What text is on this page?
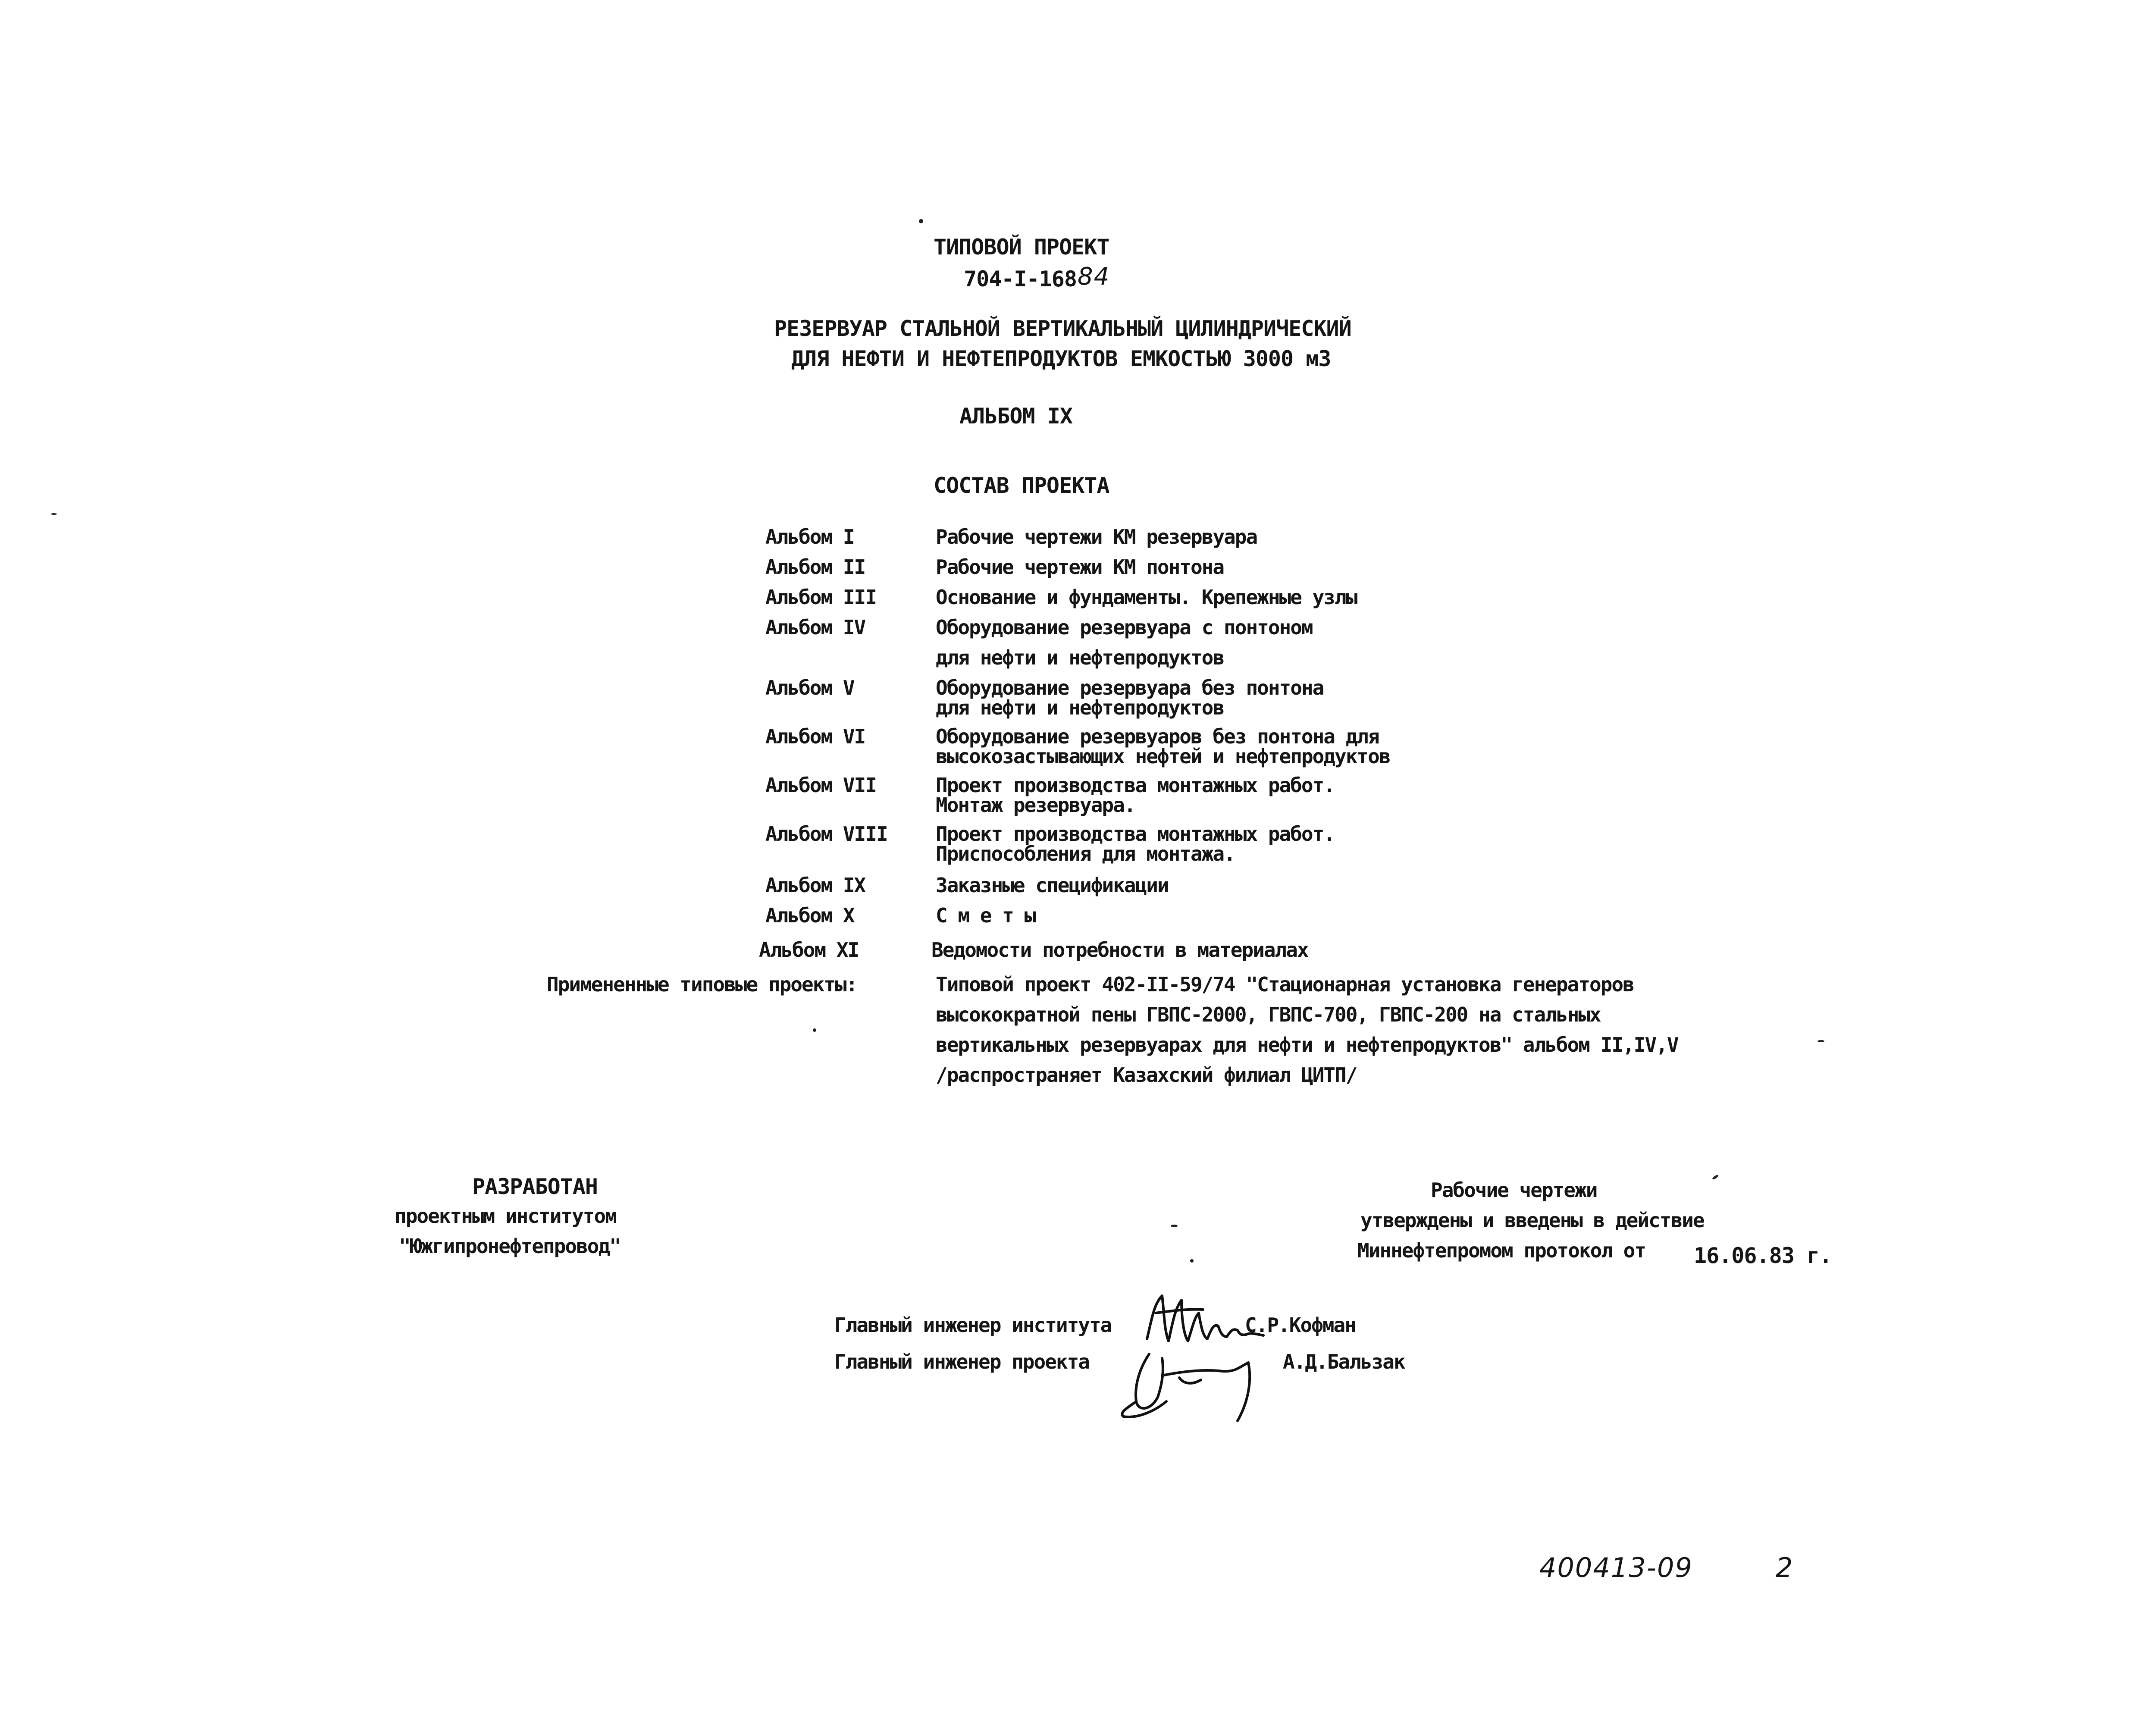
ТИПОВОЙ ПРОЕКТ
704-I-16884
РЕЗЕРВУАР СТАЛЬНОЙ ВЕРТИКАЛЬНЫЙ ЦИЛИНДРИЧЕСКИЙ
ДЛЯ НЕФТИ И НЕФТЕПРОДУКТОВ ЕМКОСТЬЮ 3000 м3
АЛЬБОМ IX
СОСТАВ ПРОЕКТА
Альбом I	Рабочие чертежи КМ резервуара
Альбом II	Рабочие чертежи КМ понтона
Альбом III	Основание и фундаменты. Крепежные узлы
Альбом IV	Оборудование резервуара с понтоном
для нефти и нефтепродуктов
Альбом V	Оборудование резервуара без понтона
для нефти и нефтепродуктов
Альбом VI	Оборудование резервуаров без понтона для
высокозастывающих нефтей и нефтепродуктов
Альбом VII	Проект производства монтажных работ.
Монтаж резервуара.
Альбом VIII Проект производства монтажных работ.
Приспособления для монтажа.
Альбом IX	Заказные спецификации
Альбом X	С м е т ы
Альбом XI	Ведомости потребности в материалах
Примененные типовые проекты:	Типовой проект 402-II-59/74 "Стационарная установка генераторов
высокократной пены ГВПС-2000, ГВПС-700, ГВПС-200 на стальных
вертикальных резервуарах для нефти и нефтепродуктов" альбом II,IV,V
/распространяет Казахский филиал ЦИТП/
РАЗРАБОТАН
проектным институтом
"Южгипронефтепровод"
Рабочие чертежи
утверждены и введены в действие
Миннефтепромом протокол от 16.06.83 г.
Главный инженер института	С.Р.Кофман
Главный инженер проекта	А.Д.Бальзак
400413-09	2
